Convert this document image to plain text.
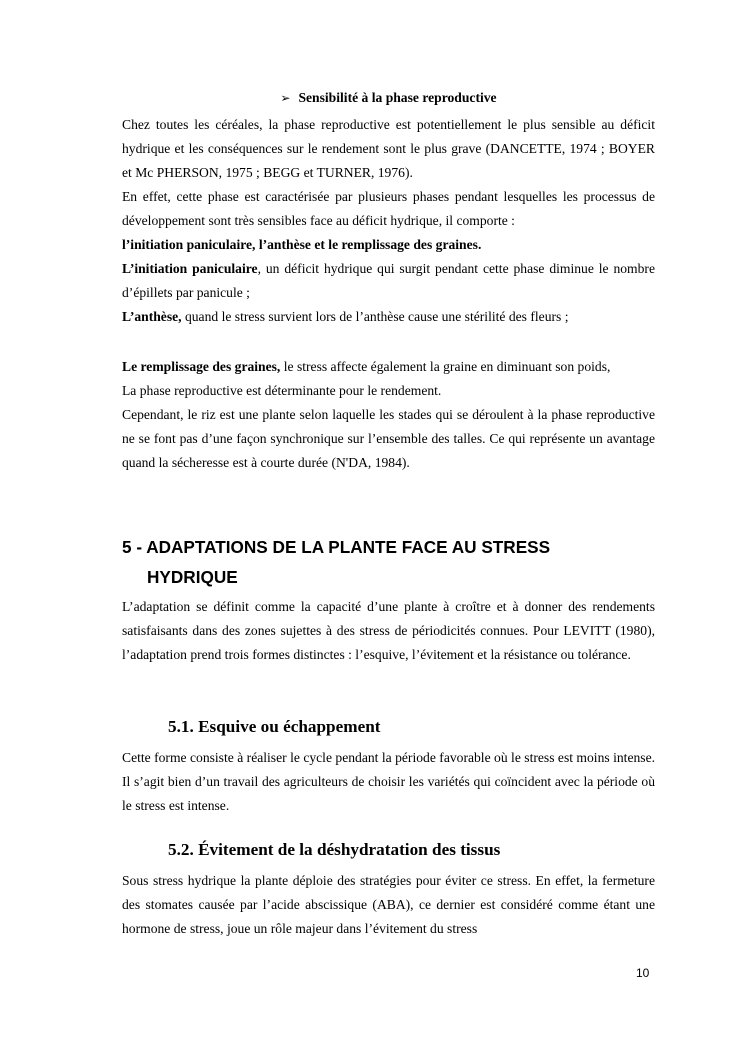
➢ Sensibilité à la phase reproductive

Chez toutes les céréales, la phase reproductive est potentiellement le plus sensible au déficit hydrique et les conséquences sur le rendement sont le plus grave (DANCETTE, 1974 ; BOYER et Mc PHERSON, 1975 ; BEGG et TURNER, 1976).

En effet, cette phase est caractérisée par plusieurs phases pendant lesquelles les processus de développement sont très sensibles face au déficit hydrique, il comporte :
l’initiation paniculaire, l’anthèse et le remplissage des graines.

L’initiation paniculaire, un déficit hydrique qui surgit pendant cette phase diminue le nombre d’épillets par panicule ;

L’anthèse, quand le stress survient lors de l’anthèse cause une stérilité des fleurs ;

Le remplissage des graines, le stress affecte également la graine en diminuant son poids,

La phase reproductive est déterminante pour le rendement.

Cependant, le riz est une plante selon laquelle les stades qui se déroulent à la phase reproductive ne se font pas d’une façon synchronique sur l’ensemble des talles. Ce qui représente un avantage quand la sécheresse est à courte durée (N'DA, 1984).

5 - ADAPTATIONS DE LA PLANTE FACE AU STRESS

HYDRIQUE

L’adaptation se définit comme la capacité d’une plante à croître et à donner des rendements satisfaisants dans des zones sujettes à des stress de périodicités connues. Pour LEVITT (1980), l’adaptation prend trois formes distinctes : l’esquive, l’évitement et la résistance ou tolérance.

5.1. Esquive ou échappement

Cette forme consiste à réaliser le cycle pendant la période favorable où le stress est moins intense. Il s’agit bien d’un travail des agriculteurs de choisir les variétés qui coïncident avec la période où le stress est intense.

5.2. Évitement de la déshydratation des tissus

Sous stress hydrique la plante déploie des stratégies pour éviter ce stress. En effet, la fermeture des stomates causée par l’acide abscissique (ABA), ce dernier est considéré comme étant une hormone de stress, joue un rôle majeur dans l’évitement du stress

10
